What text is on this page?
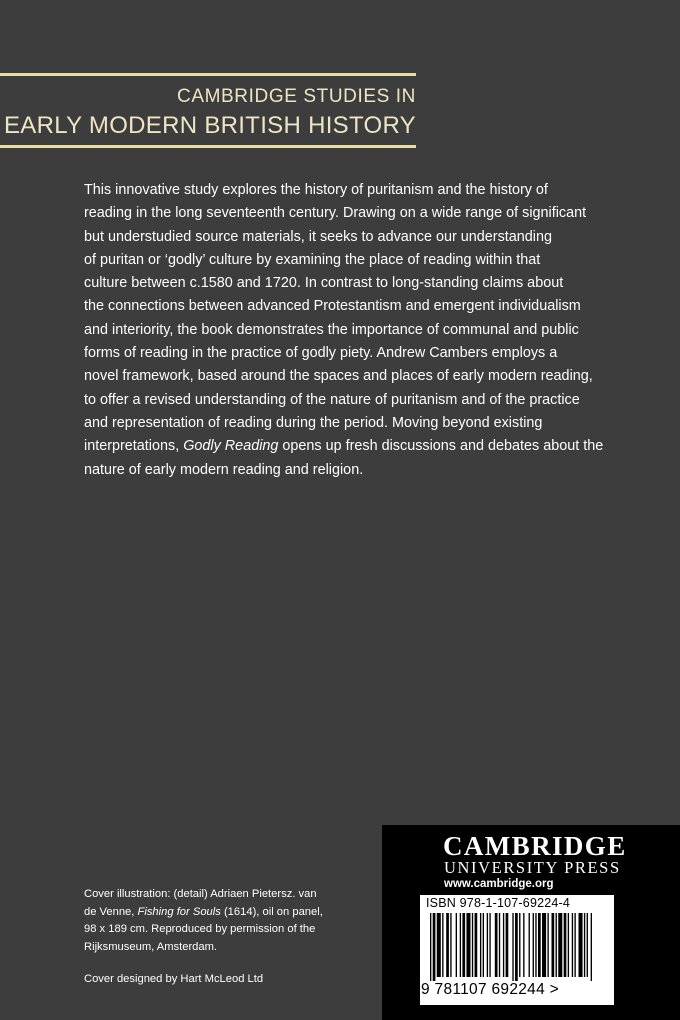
CAMBRIDGE STUDIES IN
EARLY MODERN BRITISH HISTORY

This innovative study explores the history of puritanism and the history of
reading in the long seventeenth century. Drawing on a wide range of significant
but understudied source materials, it seeks to advance our understanding
of puritan or ‘godly’ culture by examining the place of reading within that
culture between c.1580 and 1720. In contrast to long-standing claims about
the connections between advanced Protestantism and emergent individualism
and interiority, the book demonstrates the importance of communal and public
forms of reading in the practice of godly piety. Andrew Cambers employs a
novel framework, based around the spaces and places of early modern reading,
to offer a revised understanding of the nature of puritanism and of the practice
and representation of reading during the period. Moving beyond existing
interpretations, Godly Reading opens up fresh discussions and debates about the
nature of early modern reading and religion.

Cover illustration: (detail) Adriaen Pietersz. van
de Venne, Fishing for Souls (1614), oil on panel,
98 x 189 cm. Reproduced by permission of the
Rijksmuseum, Amsterdam.
Cover designed by Hart McLeod Ltd
CAMBRIDGE
UNIVERSITY PRESS
www.cambridge.org
ISBN 978-1-107-69224-4
9 781107 692244 >
